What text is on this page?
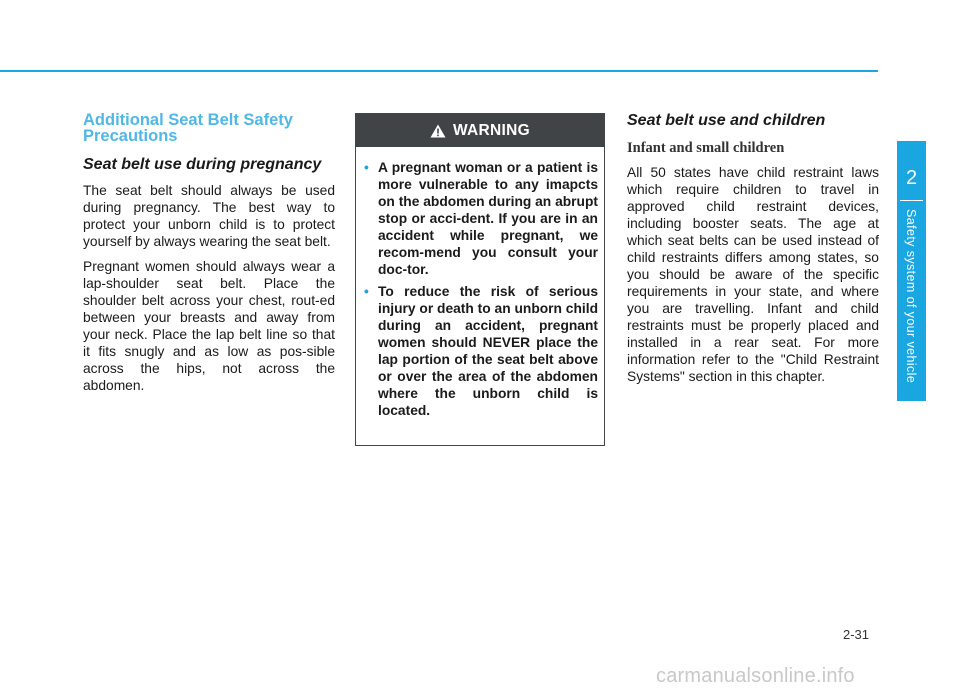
Additional Seat Belt Safety Precautions
Seat belt use during pregnancy

The seat belt should always be used during pregnancy. The best way to protect your unborn child is to protect yourself by always wearing the seat belt.

Pregnant women should always wear a lap-shoulder seat belt. Place the shoulder belt across your chest, rout-ed between your breasts and away from your neck. Place the lap belt line so that it fits snugly and as low as pos-sible across the hips, not across the abdomen.

WARNING
• A pregnant woman or a patient is more vulnerable to any imapcts on the abdomen during an abrupt stop or acci-dent. If you are in an accident while pregnant, we recom-mend you consult your doc-tor.
• To reduce the risk of serious injury or death to an unborn child during an accident, pregnant women should NEVER place the lap portion of the seat belt above or over the area of the abdomen where the unborn child is located.
Seat belt use and children
Infant and small children

All 50 states have child restraint laws which require children to travel in approved child restraint devices, including booster seats. The age at which seat belts can be used instead of child restraints differs among states, so you should be aware of the specific requirements in your state, and where you are travelling. Infant and child restraints must be properly placed and installed in a rear seat. For more information refer to the "Child Restraint Systems" section in this chapter.

2
Safety system of your vehicle
2-31
carmanualsonline.info
